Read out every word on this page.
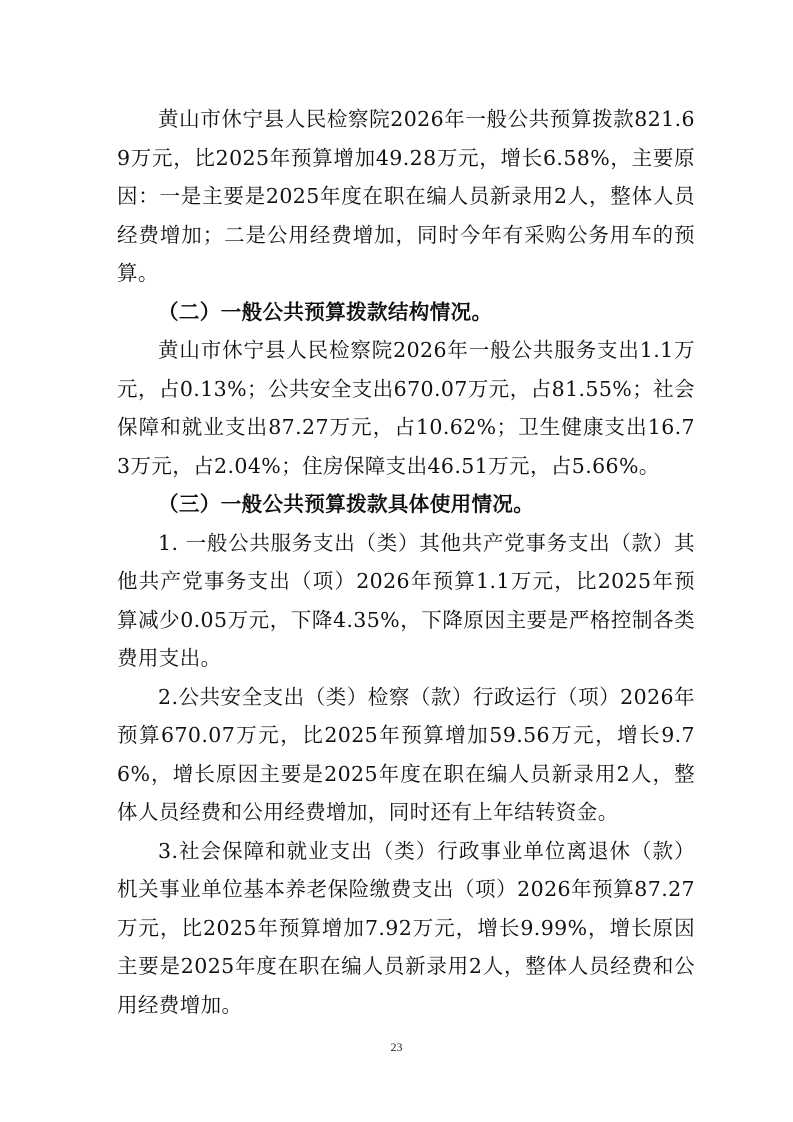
黄山市休宁县人民检察院2026年一般公共预算拨款821.69万元，比2025年预算增加49.28万元，增长6.58%，主要原因：一是主要是2025年度在职在编人员新录用2人，整体人员经费增加；二是公用经费增加，同时今年有采购公务用车的预算。

（二）一般公共预算拨款结构情况。

黄山市休宁县人民检察院2026年一般公共服务支出1.1万元，占0.13%；公共安全支出670.07万元，占81.55%；社会保障和就业支出87.27万元，占10.62%；卫生健康支出16.73万元，占2.04%；住房保障支出46.51万元，占5.66%。

（三）一般公共预算拨款具体使用情况。

1. 一般公共服务支出（类）其他共产党事务支出（款）其他共产党事务支出（项）2026年预算1.1万元，比2025年预算减少0.05万元，下降4.35%，下降原因主要是严格控制各类费用支出。

2.公共安全支出（类）检察（款）行政运行（项）2026年预算670.07万元，比2025年预算增加59.56万元，增长9.76%，增长原因主要是2025年度在职在编人员新录用2人，整体人员经费和公用经费增加，同时还有上年结转资金。

3.社会保障和就业支出（类）行政事业单位离退休（款）机关事业单位基本养老保险缴费支出（项）2026年预算87.27万元，比2025年预算增加7.92万元，增长9.99%，增长原因主要是2025年度在职在编人员新录用2人，整体人员经费和公用经费增加。

23
